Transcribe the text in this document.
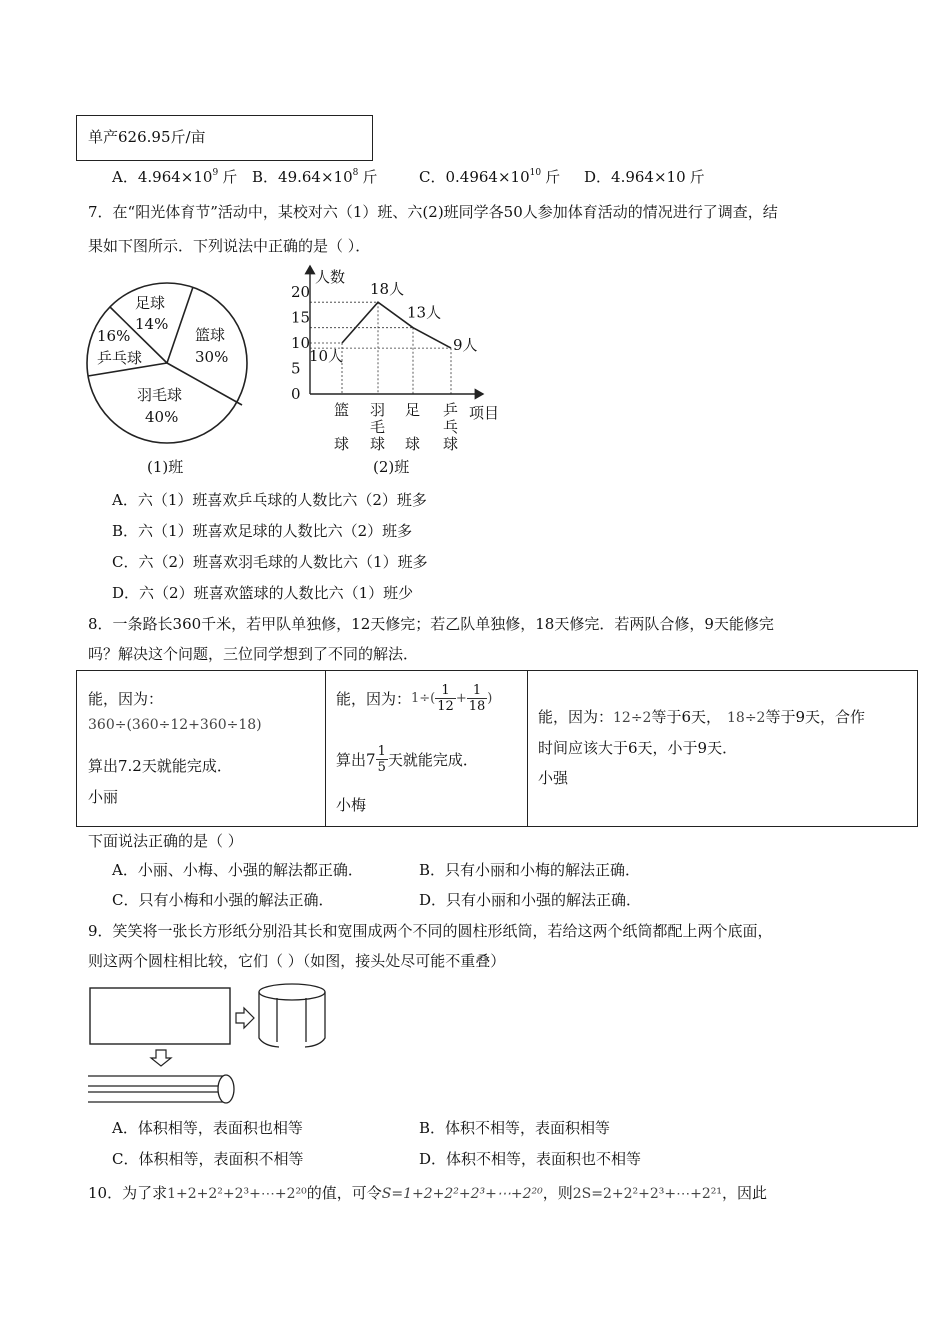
单产626.95斤/亩
A．$4.964\times 10^9$ 斤 B．$49.64\times 10^8$ 斤	C．$0.4964\times 10^{10}$ 斤 D．4.964×10 斤
7．在“阳光体育节”活动中，某校对六（1）班、六(2)班同学各50人参加体育活动的情况进行了调查，结
果如下图所示．下列说法中正确的是（ ）．
篮球
30%
羽毛球
40%
16%
乒乓球
足球
14%
(1)班
人数
项目
(2)班
0
5
10
15
20
10人
18人
13人
9人
篮
球
羽
毛
球
足
球
乒
乓
球
A．六（1）班喜欢乒乓球的人数比六（2）班多
B．六（1）班喜欢足球的人数比六（2）班多
C．六（2）班喜欢羽毛球的人数比六（1）班多
D．六（2）班喜欢篮球的人数比六（1）班少
8．一条路长360千米，若甲队单独修，12天修完；若乙队单独修，18天修完．若两队合修，9天能修完
吗？解决这个问题，三位同学想到了不同的解法．
能，因为：
360÷(360÷12+360÷18)
算出7.2天就能完成．
小丽
能，因为：$1\div( \frac{1}{12} + \frac{1}{18}$ )
算出$7 \frac{1}{5}$ 天就能完成．
小梅
能，因为：12÷2等于6天， 18÷2等于9天，合作
时间应该大于6天，小于9天．
小强
下面说法正确的是（ ）
A．小丽、小梅、小强的解法都正确．	B．只有小丽和小梅的解法正确．
C．只有小梅和小强的解法正确．	D．只有小丽和小强的解法正确．
9．笑笑将一张长方形纸分别沿其长和宽围成两个不同的圆柱形纸筒，若给这两个纸筒都配上两个底面，
则这两个圆柱相比较，它们（ ）（如图，接头处尽可能不重叠）
A．体积相等，表面积也相等	B．体积不相等，表面积相等
C．体积相等，表面积不相等	D．体积不相等，表面积也不相等
10．为了求1+2+2²+2³+⋯+2²⁰的值，可令S=1+2+2²+2³+⋯+2²⁰，则2S=2+2²+2³+⋯+2²¹，因此
